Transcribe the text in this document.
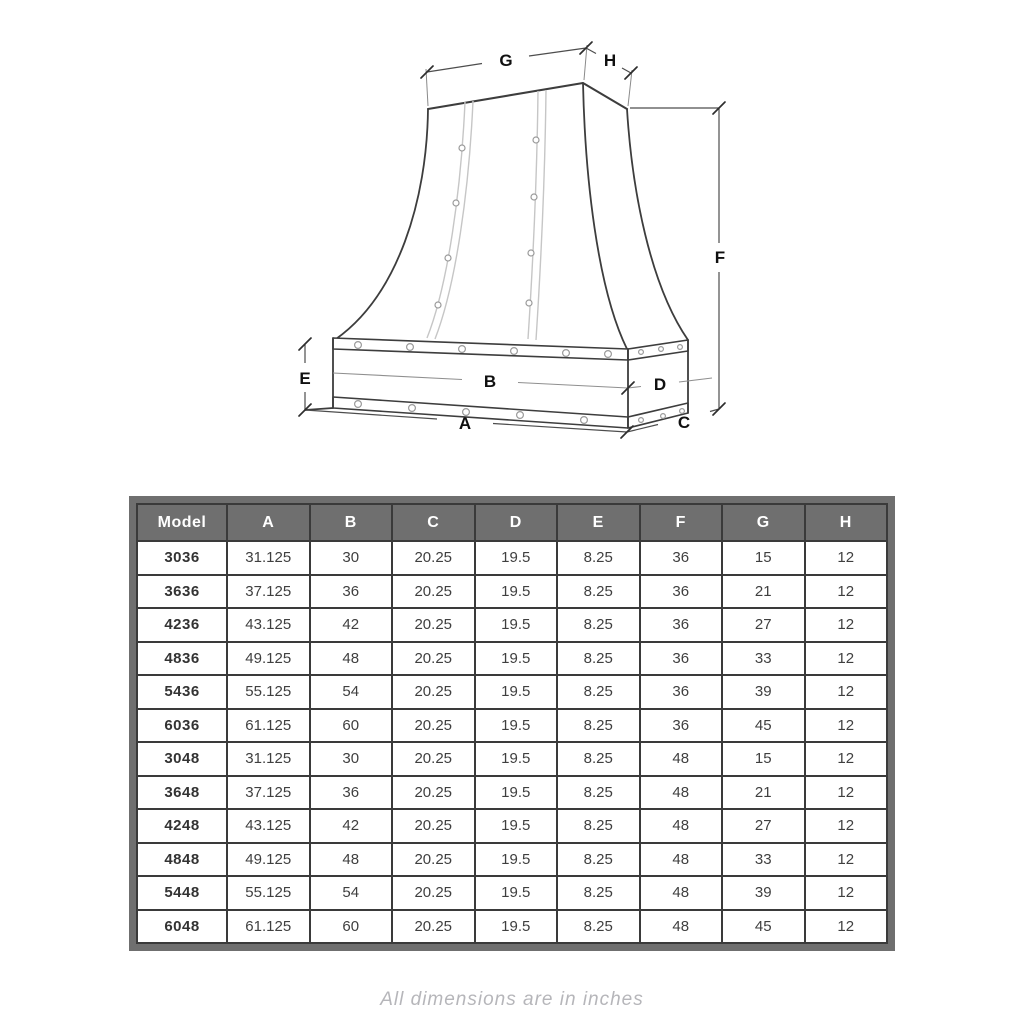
G	H
F
E	B	D
A	C
Model	A	B	C	D	E	F	G	H
3036	31.125	30	20.25	19.5	8.25	36	15	12
3636	37.125	36	20.25	19.5	8.25	36	21	12
4236	43.125	42	20.25	19.5	8.25	36	27	12
4836	49.125	48	20.25	19.5	8.25	36	33	12
5436	55.125	54	20.25	19.5	8.25	36	39	12
6036	61.125	60	20.25	19.5	8.25	36	45	12
3048	31.125	30	20.25	19.5	8.25	48	15	12
3648	37.125	36	20.25	19.5	8.25	48	21	12
4248	43.125	42	20.25	19.5	8.25	48	27	12
4848	49.125	48	20.25	19.5	8.25	48	33	12
5448	55.125	54	20.25	19.5	8.25	48	39	12
6048	61.125	60	20.25	19.5	8.25	48	45	12
All dimensions are in inches
